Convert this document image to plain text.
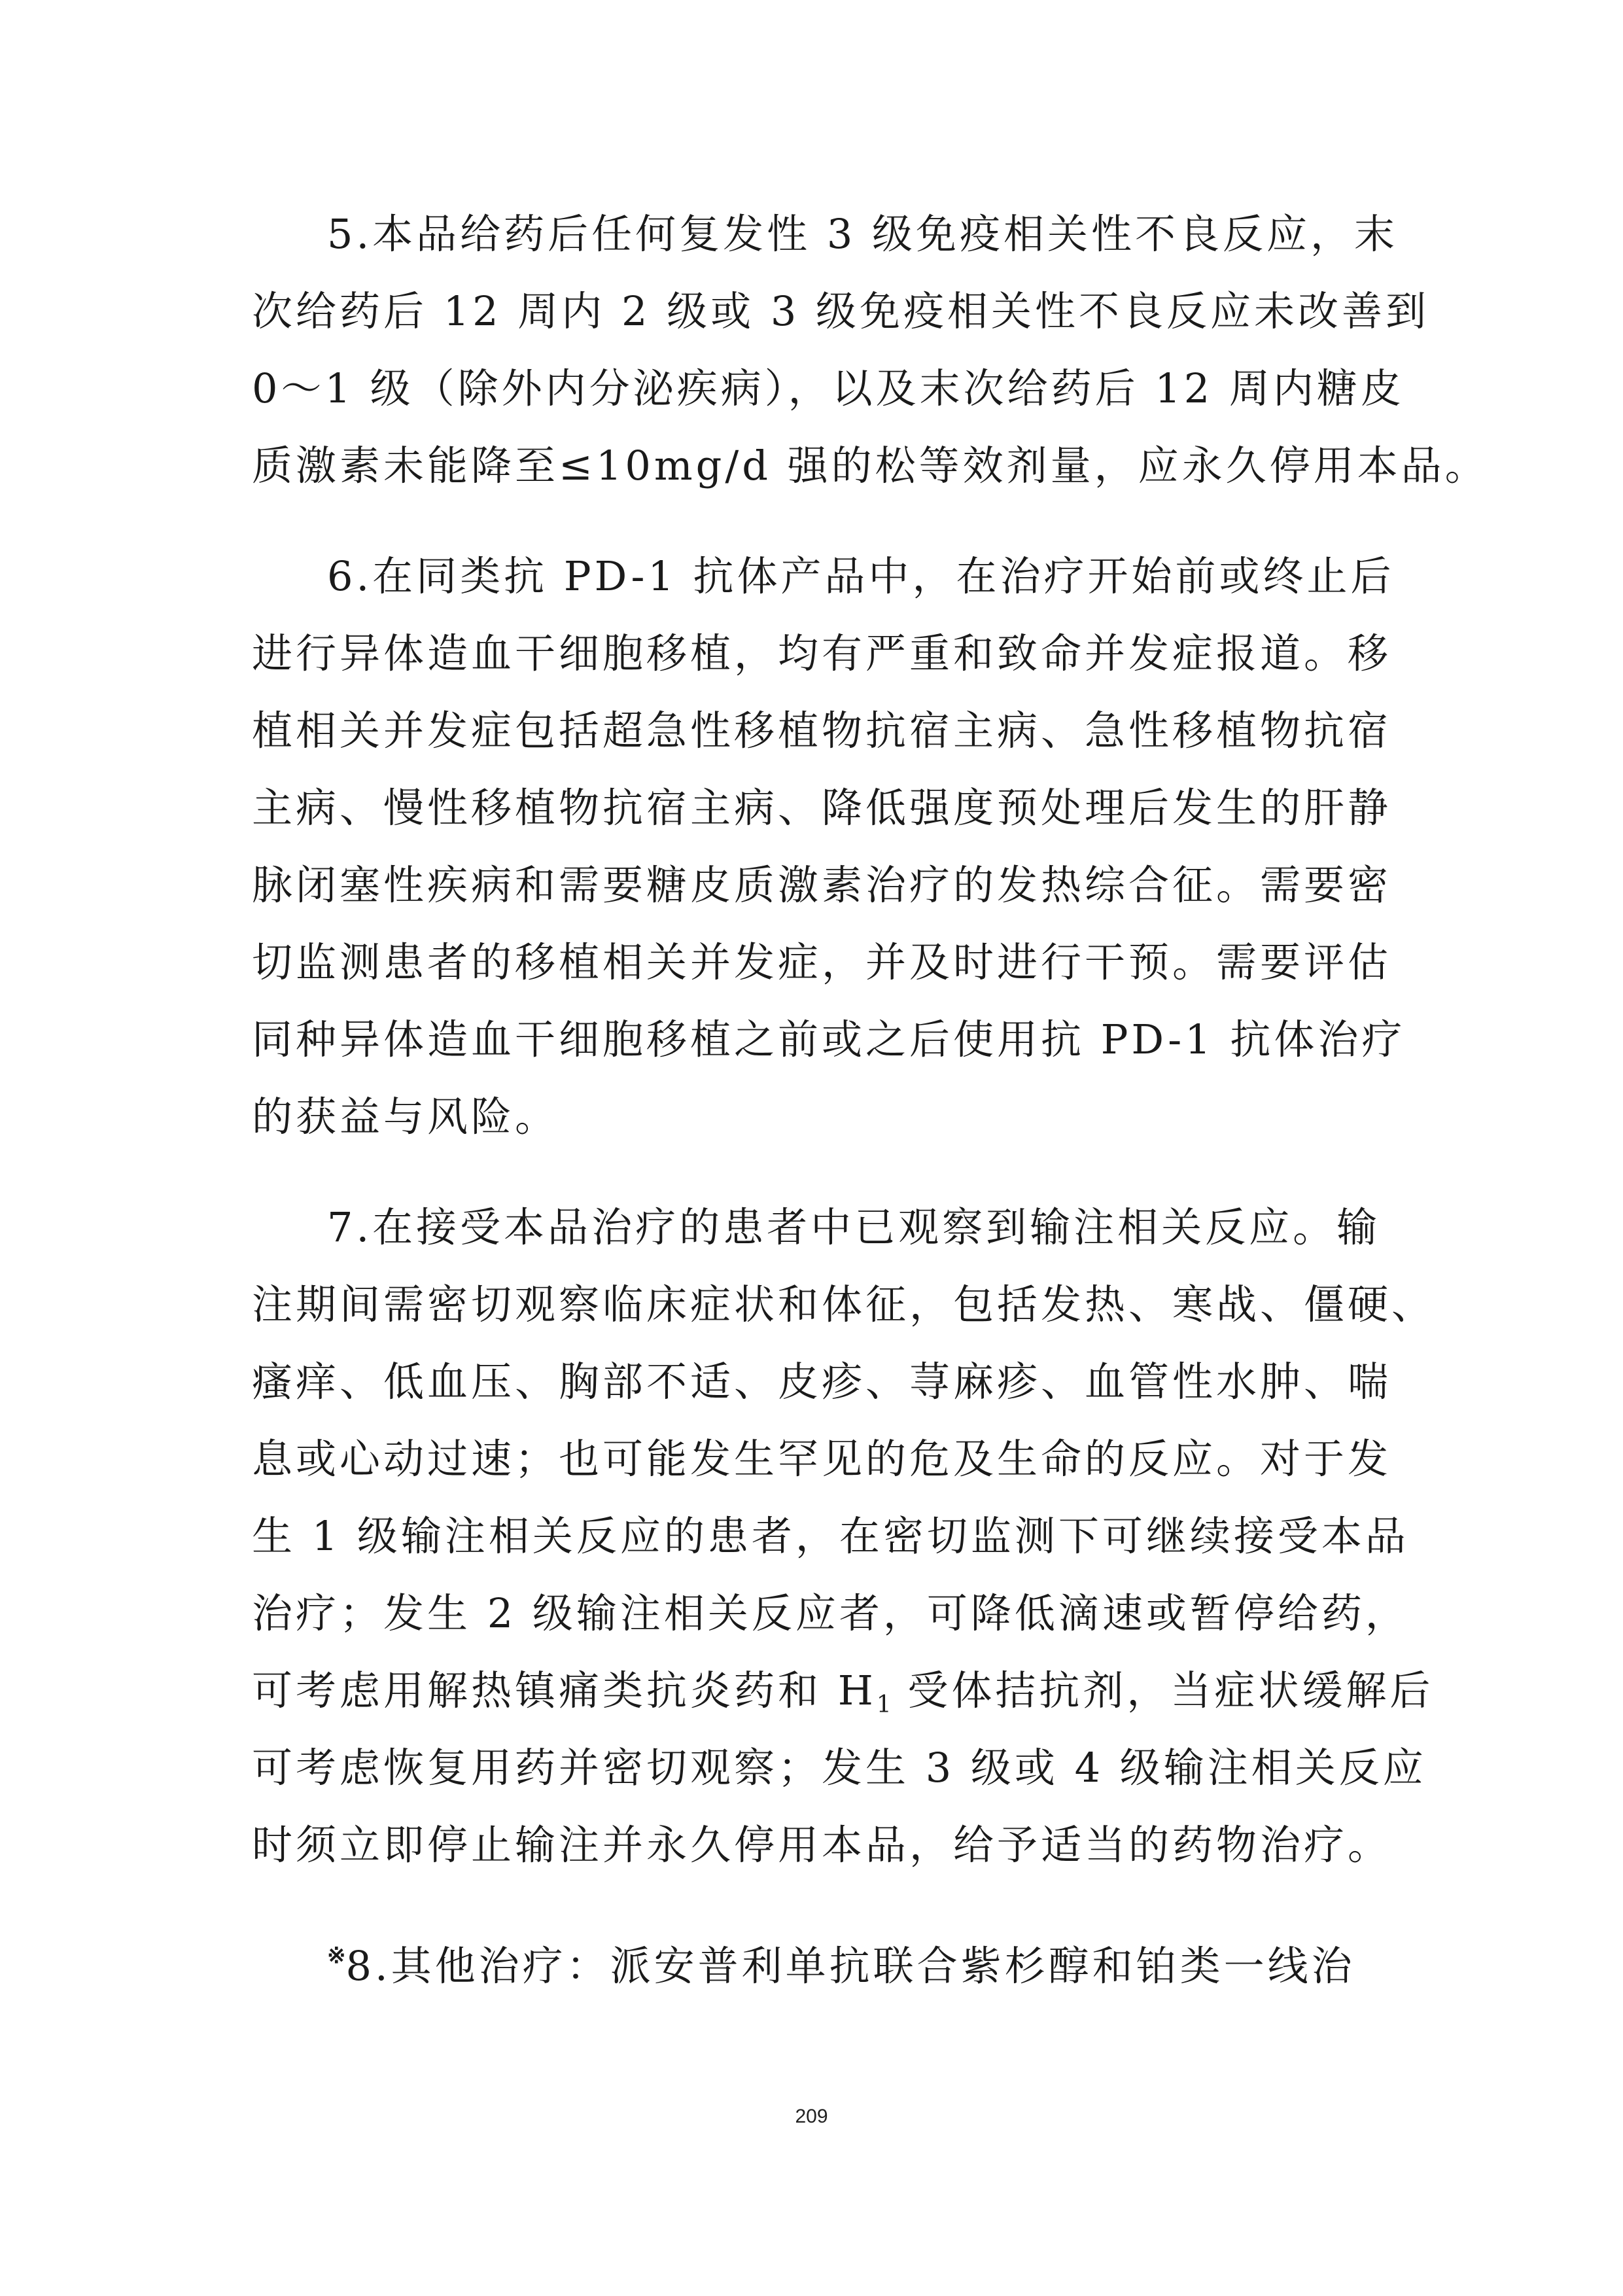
5.本品给药后任何复发性 3 级免疫相关性不良反应，末
次给药后 12 周内 2 级或 3 级免疫相关性不良反应未改善到
0～1 级（除外内分泌疾病），以及末次给药后 12 周内糖皮
质激素未能降至≤10mg/d 强的松等效剂量，应永久停用本品。
6.在同类抗 PD-1 抗体产品中，在治疗开始前或终止后
进行异体造血干细胞移植，均有严重和致命并发症报道。移
植相关并发症包括超急性移植物抗宿主病、急性移植物抗宿
主病、慢性移植物抗宿主病、降低强度预处理后发生的肝静
脉闭塞性疾病和需要糖皮质激素治疗的发热综合征。需要密
切监测患者的移植相关并发症，并及时进行干预。需要评估
同种异体造血干细胞移植之前或之后使用抗 PD-1 抗体治疗
的获益与风险。
7.在接受本品治疗的患者中已观察到输注相关反应。输
注期间需密切观察临床症状和体征，包括发热、寒战、僵硬、
瘙痒、低血压、胸部不适、皮疹、荨麻疹、血管性水肿、喘
息或心动过速；也可能发生罕见的危及生命的反应。对于发
生 1 级输注相关反应的患者，在密切监测下可继续接受本品
治疗；发生 2 级输注相关反应者，可降低滴速或暂停给药，
可考虑用解热镇痛类抗炎药和 $H_1$ 受体拮抗剂，当症状缓解后
可考虑恢复用药并密切观察；发生 3 级或 4 级输注相关反应
时须立即停止输注并永久停用本品，给予适当的药物治疗。
※8.其他治疗：派安普利单抗联合紫杉醇和铂类一线治
209
